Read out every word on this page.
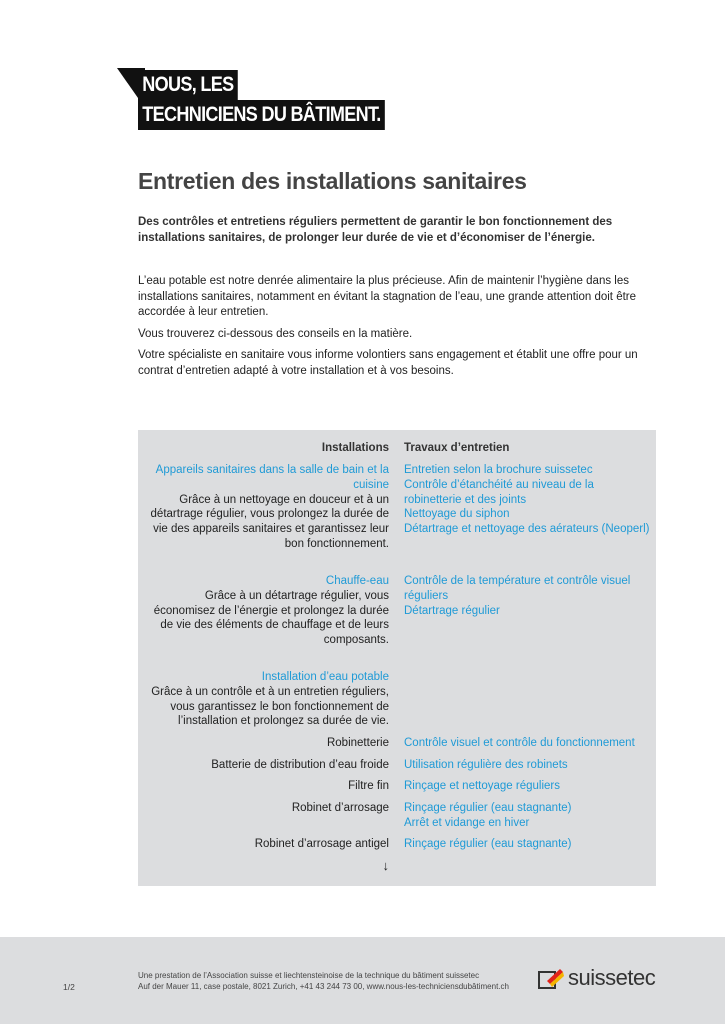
NOUS, LES
TECHNICIENS DU BÂTIMENT.
Entretien des installations sanitaires

Des contrôles et entretiens réguliers permettent de garantir le bon fonctionnement des installations sanitaires, de prolonger leur durée de vie et d’économiser de l’énergie.

L’eau potable est notre denrée alimentaire la plus précieuse. Afin de maintenir l’hygiène dans les installations sanitaires, notamment en évitant la stagnation de l’eau, une grande attention doit être accordée à leur entretien.

Vous trouverez ci-dessous des conseils en la matière.

Votre spécialiste en sanitaire vous informe volontiers sans engagement et établit une offre pour un contrat d’entretien adapté à votre installation et à vos besoins.

Installations Travaux d’entretien
Appareils sanitaires dans la salle de bain et la cuisine
Grâce à un nettoyage en douceur et à un détartrage régulier, vous prolongez la durée de vie des appareils sanitaires et garantissez leur bon fonctionnement.
Entretien selon la brochure suissetec
Contrôle d’étanchéité au niveau de la robinetterie et des joints
Nettoyage du siphon
Détartrage et nettoyage des aérateurs (Neoperl)
Chauffe-eau
Grâce à un détartrage régulier, vous économisez de l’énergie et prolongez la durée de vie des éléments de chauffage et de leurs composants.
Contrôle de la température et contrôle visuel réguliers
Détartrage régulier
Installation d’eau potable
Grâce à un contrôle et à un entretien réguliers, vous garantissez le bon fonctionnement de l’installation et prolongez sa durée de vie.
Robinetterie Contrôle visuel et contrôle du fonctionnement
Batterie de distribution d’eau froide Utilisation régulière des robinets
Filtre fin Rinçage et nettoyage réguliers
Robinet d’arrosage Rinçage régulier (eau stagnante)
Arrêt et vidange en hiver
Robinet d’arrosage antigel Rinçage régulier (eau stagnante)
↓
1/2
Une prestation de l’Association suisse et liechtensteinoise de la technique du bâtiment suissetec
Auf der Mauer 11, case postale, 8021 Zurich, +41 43 244 73 00, www.nous-les-techniciensdubâtiment.ch	suissetec
